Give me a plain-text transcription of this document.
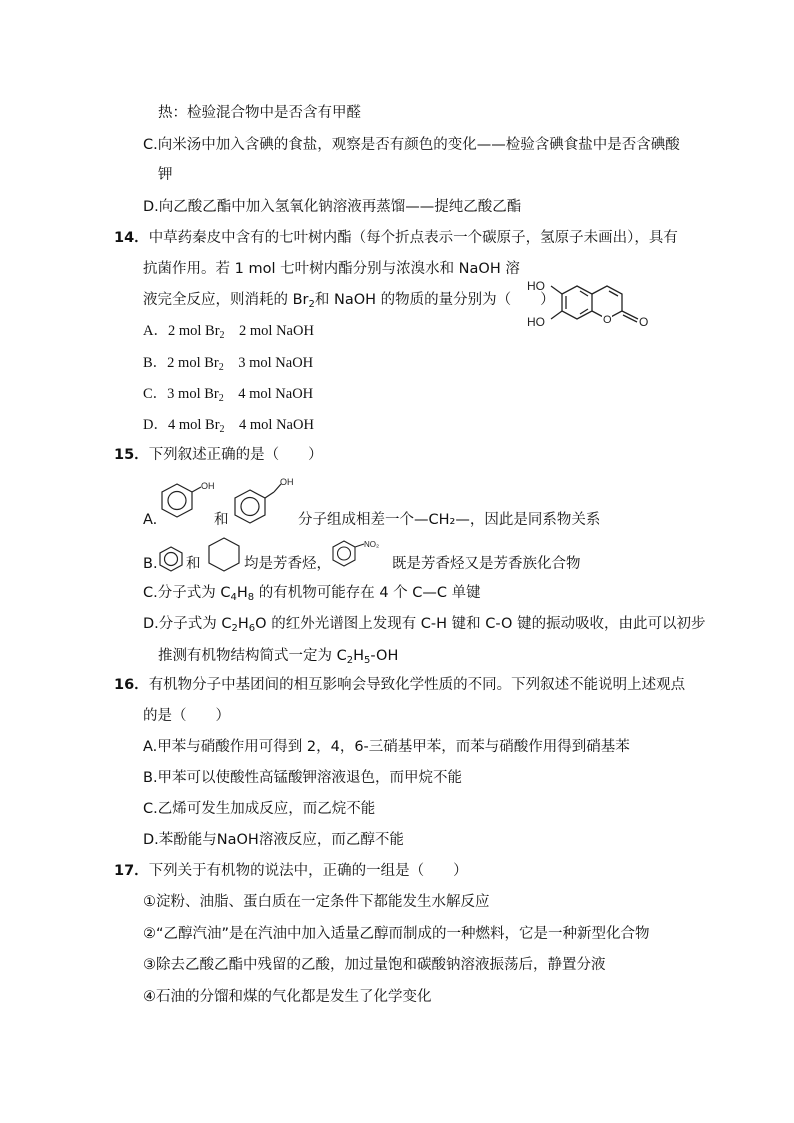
热：检验混合物中是否含有甲醛
C.向米汤中加入含碘的食盐，观察是否有颜色的变化——检验含碘食盐中是否含碘酸
钾
D.向乙酸乙酯中加入氢氧化钠溶液再蒸馏——提纯乙酸乙酯
14．中草药秦皮中含有的七叶树内酯（每个折点表示一个碳原子，氢原子未画出），具有
抗菌作用。若 1 mol 七叶树内酯分别与浓溴水和 NaOH 溶
液完全反应，则消耗的 $Br_2$和 NaOH 的物质的量分别为（　　）
HO
HO	O O
A．2 mol $Br_2$　2 mol NaOH
B．2 mol $Br_2$　3 mol NaOH
C．3 mol $Br_2$　4 mol NaOH
D．4 mol $Br_2$　4 mol NaOH
15．下列叙述正确的是（　　）
A.
OH
和
OH
分子组成相差一个—CH₂—，因此是同系物关系
B. 和	均是芳香烃，
NO₂
既是芳香烃又是芳香族化合物
C.分子式为 $C_4H_8$ 的有机物可能存在 4 个 C—C 单键
D.分子式为 $C_2H_6O$ 的红外光谱图上发现有 C-H 键和 C-O 键的振动吸收，由此可以初步
推测有机物结构简式一定为 $C_2H_5-OH$
16．有机物分子中基团间的相互影响会导致化学性质的不同。下列叙述不能说明上述观点
的是（　　）
A.甲苯与硝酸作用可得到 2，4，6-三硝基甲苯，而苯与硝酸作用得到硝基苯
B.甲苯可以使酸性高锰酸钾溶液退色，而甲烷不能
C.乙烯可发生加成反应，而乙烷不能
D.苯酚能与NaOH溶液反应，而乙醇不能
17．下列关于有机物的说法中，正确的一组是（　　）
①淀粉、油脂、蛋白质在一定条件下都能发生水解反应
②“乙醇汽油”是在汽油中加入适量乙醇而制成的一种燃料，它是一种新型化合物
③除去乙酸乙酯中残留的乙酸，加过量饱和碳酸钠溶液振荡后，静置分液
④石油的分馏和煤的气化都是发生了化学变化
